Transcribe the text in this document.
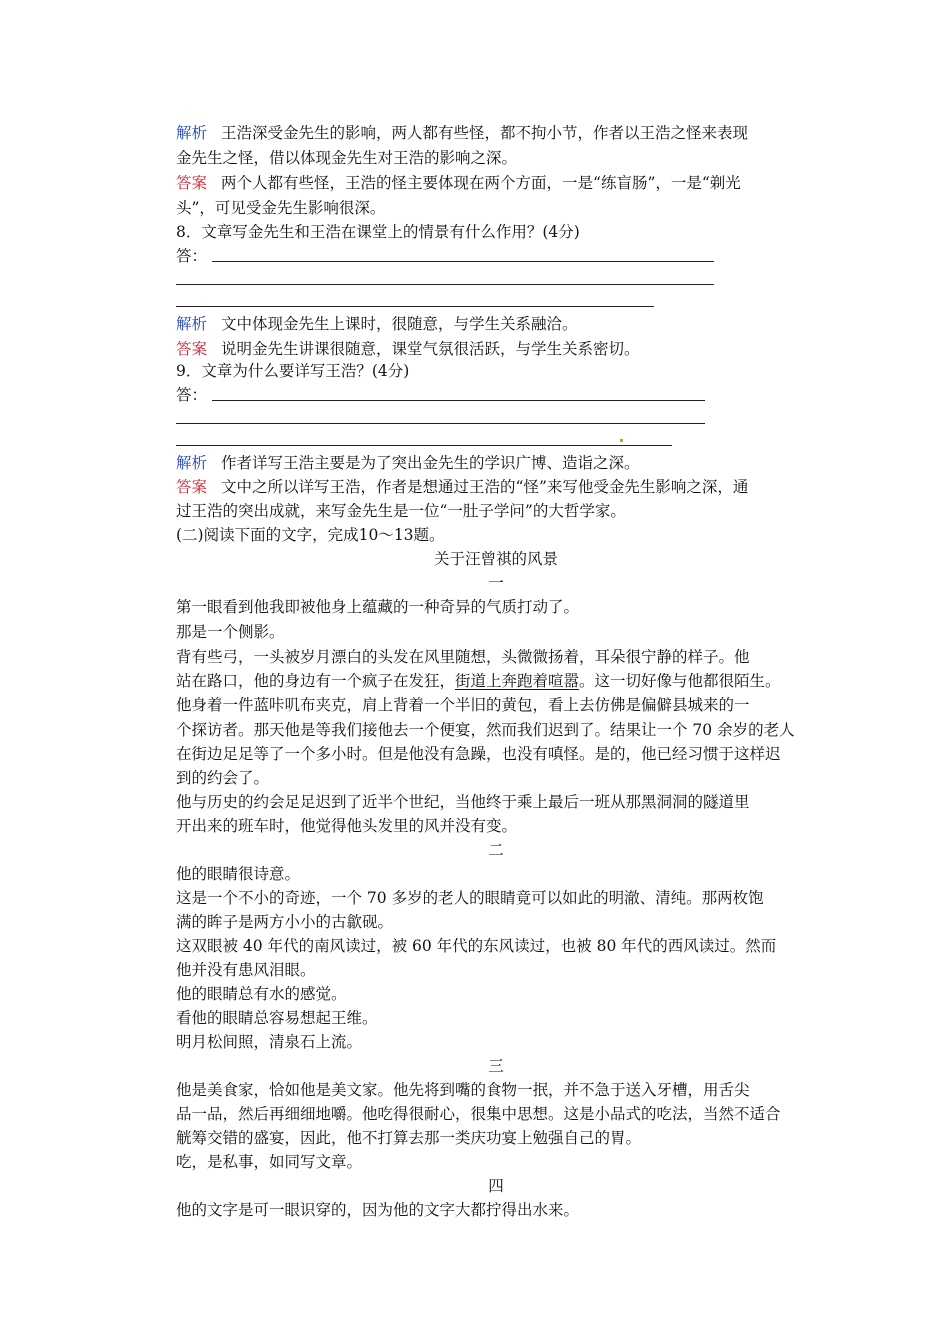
解析 王浩深受金先生的影响，两人都有些怪，都不拘小节，作者以王浩之怪来表现
金先生之怪，借以体现金先生对王浩的影响之深。
答案 两个人都有些怪，王浩的怪主要体现在两个方面，一是“练盲肠”，一是“剃光
头”，可见受金先生影响很深。
8．文章写金先生和王浩在课堂上的情景有什么作用？(4分)
答：
解析 文中体现金先生上课时，很随意，与学生关系融洽。
答案 说明金先生讲课很随意，课堂气氛很活跃，与学生关系密切。
9．文章为什么要详写王浩？(4分)
答：
解析 作者详写王浩主要是为了突出金先生的学识广博、造诣之深。
答案 文中之所以详写王浩，作者是想通过王浩的“怪”来写他受金先生影响之深，通
过王浩的突出成就，来写金先生是一位“一肚子学问”的大哲学家。
(二)阅读下面的文字，完成10～13题。
关于汪曾祺的风景
一
第一眼看到他我即被他身上蕴藏的一种奇异的气质打动了。
那是一个侧影。
背有些弓，一头被岁月漂白的头发在风里随想，头微微扬着，耳朵很宁静的样子。他
站在路口，他的身边有一个疯子在发狂，街道上奔跑着喧嚣。这一切好像与他都很陌生。
他身着一件蓝咔叽布夹克，肩上背着一个半旧的黄包，看上去仿佛是偏僻县城来的一
个探访者。那天他是等我们接他去一个便宴，然而我们迟到了。结果让一个 70 余岁的老人
在街边足足等了一个多小时。但是他没有急躁，也没有嗔怪。是的，他已经习惯于这样迟
到的约会了。
他与历史的约会足足迟到了近半个世纪，当他终于乘上最后一班从那黑洞洞的隧道里
开出来的班车时，他觉得他头发里的风并没有变。
二
他的眼睛很诗意。
这是一个不小的奇迹，一个 70 多岁的老人的眼睛竟可以如此的明澈、清纯。那两枚饱
满的眸子是两方小小的古歙砚。
这双眼被 40 年代的南风读过，被 60 年代的东风读过，也被 80 年代的西风读过。然而
他并没有患风泪眼。
他的眼睛总有水的感觉。
看他的眼睛总容易想起王维。
明月松间照，清泉石上流。
三
他是美食家，恰如他是美文家。他先将到嘴的食物一抿，并不急于送入牙槽，用舌尖
品一品，然后再细细地嚼。他吃得很耐心，很集中思想。这是小品式的吃法，当然不适合
觥筹交错的盛宴，因此，他不打算去那一类庆功宴上勉强自己的胃。
吃，是私事，如同写文章。
四
他的文字是可一眼识穿的，因为他的文字大都拧得出水来。
